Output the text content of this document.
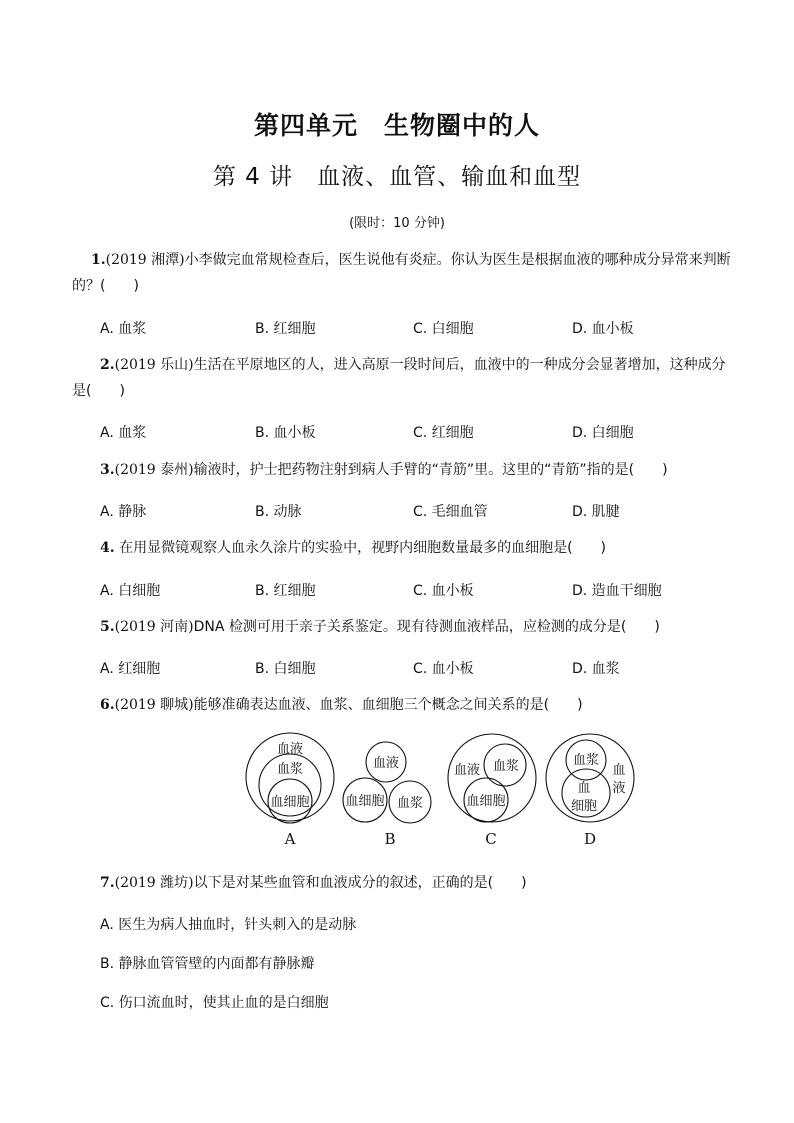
第四单元　生物圈中的人
第 4 讲　血液、血管、输血和血型
(限时：10 分钟)
1.(2019 湘潭)小李做完血常规检查后，医生说他有炎症。你认为医生是根据血液的哪种成分异常来判断
的？(　　)
A. 血浆	B. 红细胞	C. 白细胞	D. 血小板
2.(2019 乐山)生活在平原地区的人，进入高原一段时间后，血液中的一种成分会显著增加，这种成分
是(　　)
A. 血浆	B. 血小板	C. 红细胞	D. 白细胞
3.(2019 泰州)输液时，护士把药物注射到病人手臂的“青筋”里。这里的“青筋”指的是(　　)
A. 静脉	B. 动脉	C. 毛细血管	D. 肌腱
4. 在用显微镜观察人血永久涂片的实验中，视野内细胞数量最多的血细胞是(　　)
A. 白细胞	B. 红细胞	C. 血小板	D. 造血干细胞
5.(2019 河南)DNA 检测可用于亲子关系鉴定。现有待测血液样品，应检测的成分是(　　)
A. 红细胞	B. 白细胞	C. 血小板	D. 血浆
6.(2019 聊城)能够准确表达血液、血浆、血细胞三个概念之间关系的是(　　)
血液
血浆
血细胞
血液
血细胞 血浆
血液 血浆
血细胞
血浆
血
液
血
细胞
A	B	C	D
7.(2019 潍坊)以下是对某些血管和血液成分的叙述，正确的是(　　)
A. 医生为病人抽血时，针头刺入的是动脉
B. 静脉血管管壁的内面都有静脉瓣
C. 伤口流血时，使其止血的是白细胞
